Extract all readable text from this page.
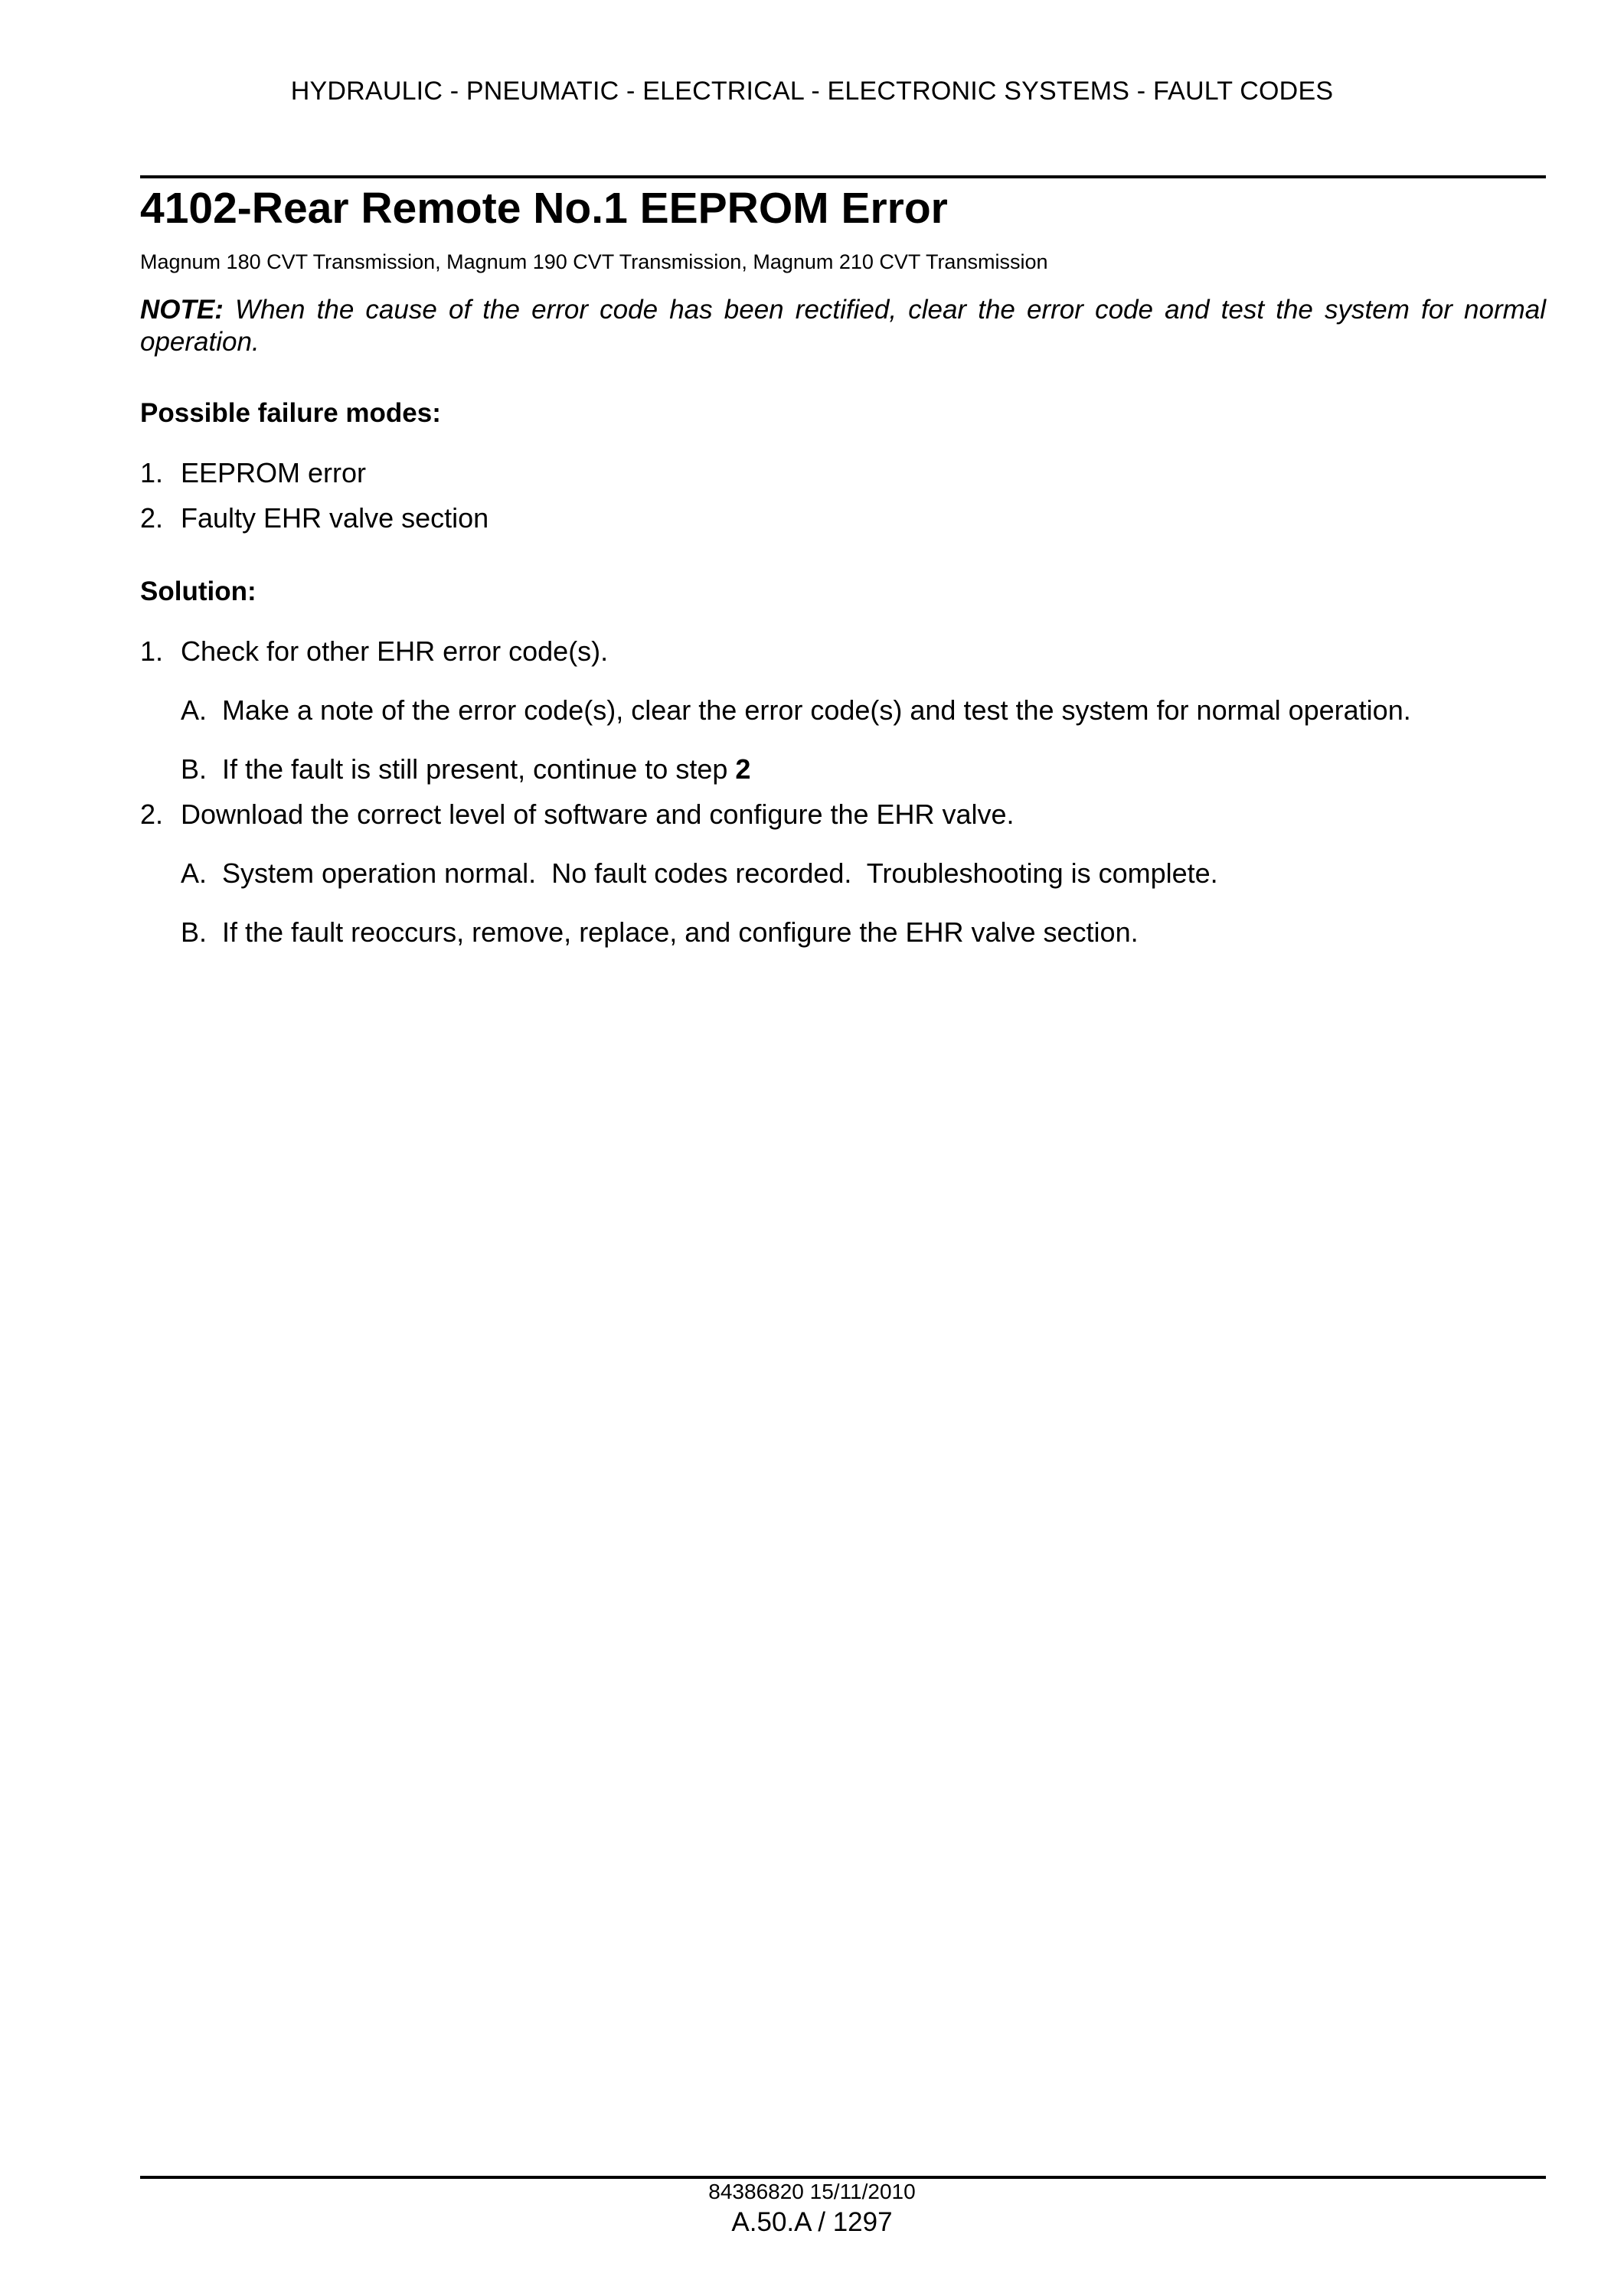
HYDRAULIC - PNEUMATIC - ELECTRICAL - ELECTRONIC SYSTEMS - FAULT CODES
4102-Rear Remote No.1 EEPROM Error
Magnum 180 CVT Transmission, Magnum 190 CVT Transmission, Magnum 210 CVT Transmission
NOTE: When the cause of the error code has been rectified, clear the error code and test the system for normal operation.
Possible failure modes:
1. EEPROM error
2. Faulty EHR valve section
Solution:
1. Check for other EHR error code(s).
A. Make a note of the error code(s), clear the error code(s) and test the system for normal operation.
B. If the fault is still present, continue to step 2
2. Download the correct level of software and configure the EHR valve.
A. System operation normal.  No fault codes recorded.  Troubleshooting is complete.
B. If the fault reoccurs, remove, replace, and configure the EHR valve section.
84386820 15/11/2010
A.50.A / 1297
